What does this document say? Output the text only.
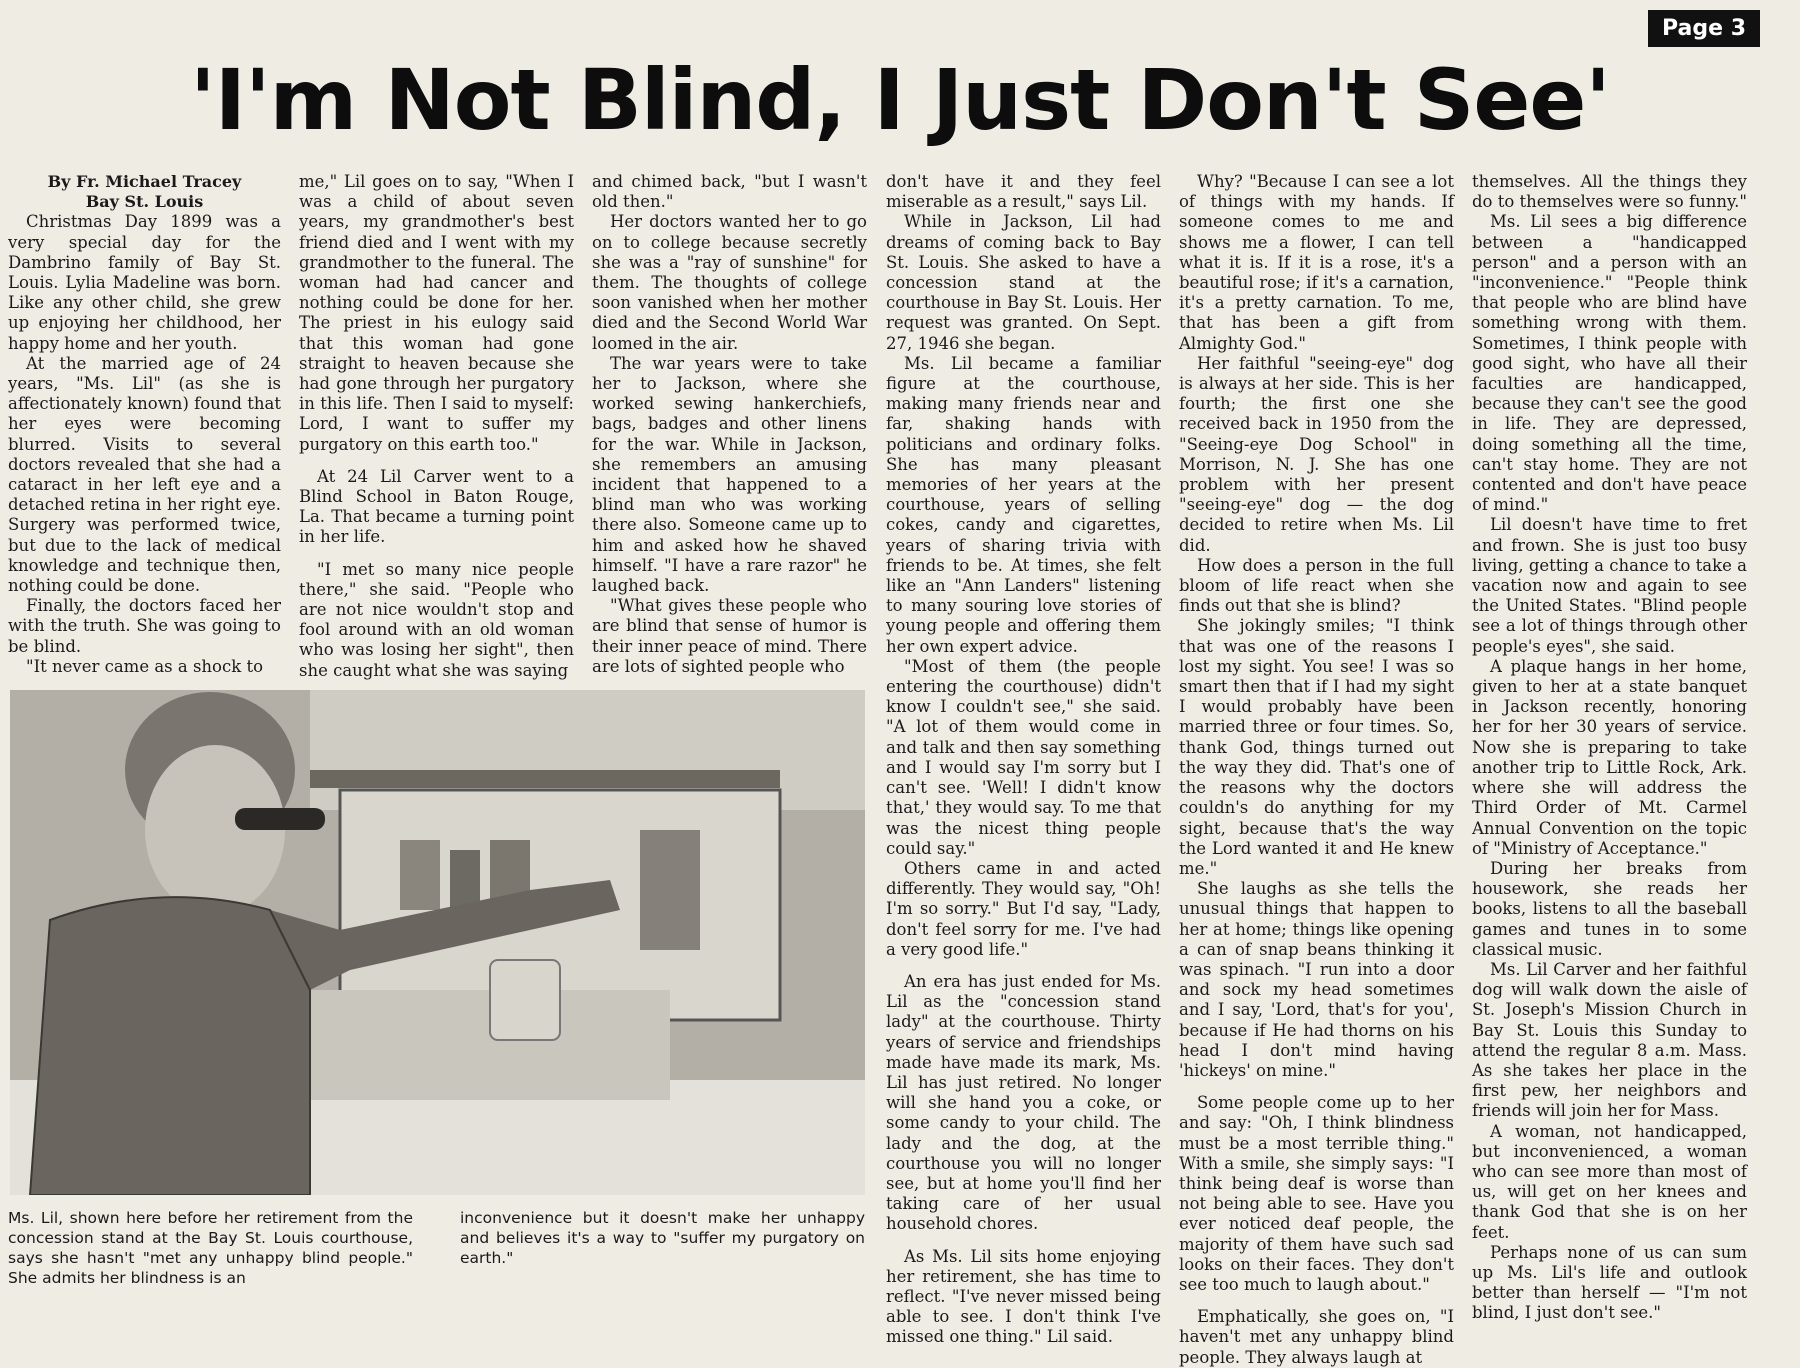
Page 3
'I'm Not Blind, I Just Don't See'

By Fr. Michael Tracey

Bay St. Louis

Christmas Day 1899 was a very special day for the Dambrino family of Bay St. Louis. Lylia Madeline was born. Like any other child, she grew up enjoying her childhood, her happy home and her youth.

At the married age of 24 years, "Ms. Lil" (as she is affectionately known) found that her eyes were becoming blurred. Visits to several doctors revealed that she had a cataract in her left eye and a detached retina in her right eye. Surgery was performed twice, but due to the lack of medical knowledge and technique then, nothing could be done.

Finally, the doctors faced her with the truth. She was going to be blind.

"It never came as a shock to

me," Lil goes on to say, "When I was a child of about seven years, my grandmother's best friend died and I went with my grandmother to the funeral. The woman had had cancer and nothing could be done for her. The priest in his eulogy said that this woman had gone straight to heaven because she had gone through her purgatory in this life. Then I said to myself: Lord, I want to suffer my purgatory on this earth too."

At 24 Lil Carver went to a Blind School in Baton Rouge, La. That became a turning point in her life.

"I met so many nice people there," she said. "People who are not nice wouldn't stop and fool around with an old woman who was losing her sight", then she caught what she was saying

and chimed back, "but I wasn't old then."

Her doctors wanted her to go on to college because secretly she was a "ray of sunshine" for them. The thoughts of college soon vanished when her mother died and the Second World War loomed in the air.

The war years were to take her to Jackson, where she worked sewing hankerchiefs, bags, badges and other linens for the war. While in Jackson, she remembers an amusing incident that happened to a blind man who was working there also. Someone came up to him and asked how he shaved himself. "I have a rare razor" he laughed back.

"What gives these people who are blind that sense of humor is their inner peace of mind. There are lots of sighted people who

don't have it and they feel miserable as a result," says Lil.

While in Jackson, Lil had dreams of coming back to Bay St. Louis. She asked to have a concession stand at the courthouse in Bay St. Louis. Her request was granted. On Sept. 27, 1946 she began.

Ms. Lil became a familiar figure at the courthouse, making many friends near and far, shaking hands with politicians and ordinary folks. She has many pleasant memories of her years at the courthouse, years of selling cokes, candy and cigarettes, years of sharing trivia with friends to be. At times, she felt like an "Ann Landers" listening to many souring love stories of young people and offering them her own expert advice.

"Most of them (the people entering the courthouse) didn't know I couldn't see," she said. "A lot of them would come in and talk and then say something and I would say I'm sorry but I can't see. 'Well! I didn't know that,' they would say. To me that was the nicest thing people could say."

Others came in and acted differently. They would say, "Oh! I'm so sorry." But I'd say, "Lady, don't feel sorry for me. I've had a very good life."

An era has just ended for Ms. Lil as the "concession stand lady" at the courthouse. Thirty years of service and friendships made have made its mark, Ms. Lil has just retired. No longer will she hand you a coke, or some candy to your child. The lady and the dog, at the courthouse you will no longer see, but at home you'll find her taking care of her usual household chores.

As Ms. Lil sits home enjoying her retirement, she has time to reflect. "I've never missed being able to see. I don't think I've missed one thing." Lil said.

Why? "Because I can see a lot of things with my hands. If someone comes to me and shows me a flower, I can tell what it is. If it is a rose, it's a beautiful rose; if it's a carnation, it's a pretty carnation. To me, that has been a gift from Almighty God."

Her faithful "seeing-eye" dog is always at her side. This is her fourth; the first one she received back in 1950 from the "Seeing-eye Dog School" in Morrison, N. J. She has one problem with her present "seeing-eye" dog — the dog decided to retire when Ms. Lil did.

How does a person in the full bloom of life react when she finds out that she is blind?

She jokingly smiles; "I think that was one of the reasons I lost my sight. You see! I was so smart then that if I had my sight I would probably have been married three or four times. So, thank God, things turned out the way they did. That's one of the reasons why the doctors couldn's do anything for my sight, because that's the way the Lord wanted it and He knew me."

She laughs as she tells the unusual things that happen to her at home; things like opening a can of snap beans thinking it was spinach. "I run into a door and sock my head sometimes and I say, 'Lord, that's for you', because if He had thorns on his head I don't mind having 'hickeys' on mine."

Some people come up to her and say: "Oh, I think blindness must be a most terrible thing." With a smile, she simply says: "I think being deaf is worse than not being able to see. Have you ever noticed deaf people, the majority of them have such sad looks on their faces. They don't see too much to laugh about."

Emphatically, she goes on, "I haven't met any unhappy blind people. They always laugh at

themselves. All the things they do to themselves were so funny."

Ms. Lil sees a big difference between a "handicapped person" and a person with an "inconvenience." "People think that people who are blind have something wrong with them. Sometimes, I think people with good sight, who have all their faculties are handicapped, because they can't see the good in life. They are depressed, doing something all the time, can't stay home. They are not contented and don't have peace of mind."

Lil doesn't have time to fret and frown. She is just too busy living, getting a chance to take a vacation now and again to see the United States. "Blind people see a lot of things through other people's eyes", she said.

A plaque hangs in her home, given to her at a state banquet in Jackson recently, honoring her for her 30 years of service. Now she is preparing to take another trip to Little Rock, Ark. where she will address the Third Order of Mt. Carmel Annual Convention on the topic of "Ministry of Acceptance."

During her breaks from housework, she reads her books, listens to all the baseball games and tunes in to some classical music.

Ms. Lil Carver and her faithful dog will walk down the aisle of St. Joseph's Mission Church in Bay St. Louis this Sunday to attend the regular 8 a.m. Mass. As she takes her place in the first pew, her neighbors and friends will join her for Mass.

A woman, not handicapped, but inconvenienced, a woman who can see more than most of us, will get on her knees and thank God that she is on her feet.

Perhaps none of us can sum up Ms. Lil's life and outlook better than herself — "I'm not blind, I just don't see."

Ms. Lil, shown here before her retirement from the concession stand at the Bay St. Louis courthouse, says she hasn't "met any unhappy blind people." She admits her blindness is an
inconvenience but it doesn't make her unhappy and believes it's a way to "suffer my purgatory on earth."
